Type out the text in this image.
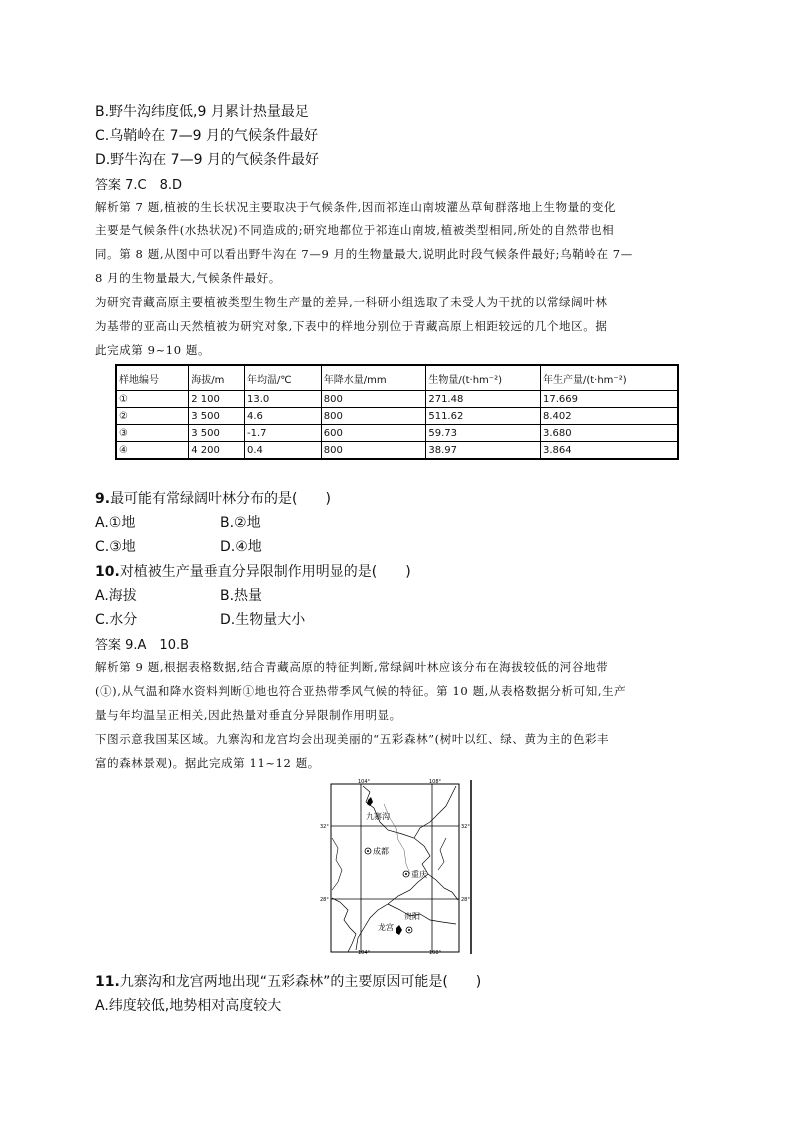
B.野牛沟纬度低,9 月累计热量最足
C.乌鞘岭在 7—9 月的气候条件最好
D.野牛沟在 7—9 月的气候条件最好
答案 7.C　8.D
解析第 7 题,植被的生长状况主要取决于气候条件,因而祁连山南坡灌丛草甸群落地上生物量的变化
主要是气候条件(水热状况)不同造成的;研究地都位于祁连山南坡,植被类型相同,所处的自然带也相
同。第 8 题,从图中可以看出野牛沟在 7—9 月的生物量最大,说明此时段气候条件最好;乌鞘岭在 7—
8 月的生物量最大,气候条件最好。
为研究青藏高原主要植被类型生物生产量的差异,一科研小组选取了未受人为干扰的以常绿阔叶林
为基带的亚高山天然植被为研究对象,下表中的样地分别位于青藏高原上相距较远的几个地区。据
此完成第 9~10 题。
样地编号	海拔/m	年均温/℃	年降水量/mm	生物量/(t·hm⁻²)	年生产量/(t·hm⁻²)
①	2 100	13.0	800	271.48	17.669
②	3 500	4.6	800	511.62	8.402
③	3 500	-1.7	600	59.73	3.680
④	4 200	0.4	800	38.97	3.864
9.最可能有常绿阔叶林分布的是(　　)
A.①地	B.②地
C.③地	D.④地
10.对植被生产量垂直分异限制作用明显的是(　　)
A.海拔	B.热量
C.水分	D.生物量大小
答案 9.A　10.B
解析第 9 题,根据表格数据,结合青藏高原的特征判断,常绿阔叶林应该分布在海拔较低的河谷地带
(①),从气温和降水资料判断①地也符合亚热带季风气候的特征。第 10 题,从表格数据分析可知,生产
量与年均温呈正相关,因此热量对垂直分异限制作用明显。
下图示意我国某区域。九寨沟和龙宫均会出现美丽的“五彩森林”(树叶以红、绿、黄为主的色彩丰
富的森林景观)。据此完成第 11~12 题。
104°	108°
104°	108°
32°	32°
28°	28°
九寨沟
成都
重庆
贵阳
龙宫
11.九寨沟和龙宫两地出现“五彩森林”的主要原因可能是(　　)
A.纬度较低,地势相对高度较大
